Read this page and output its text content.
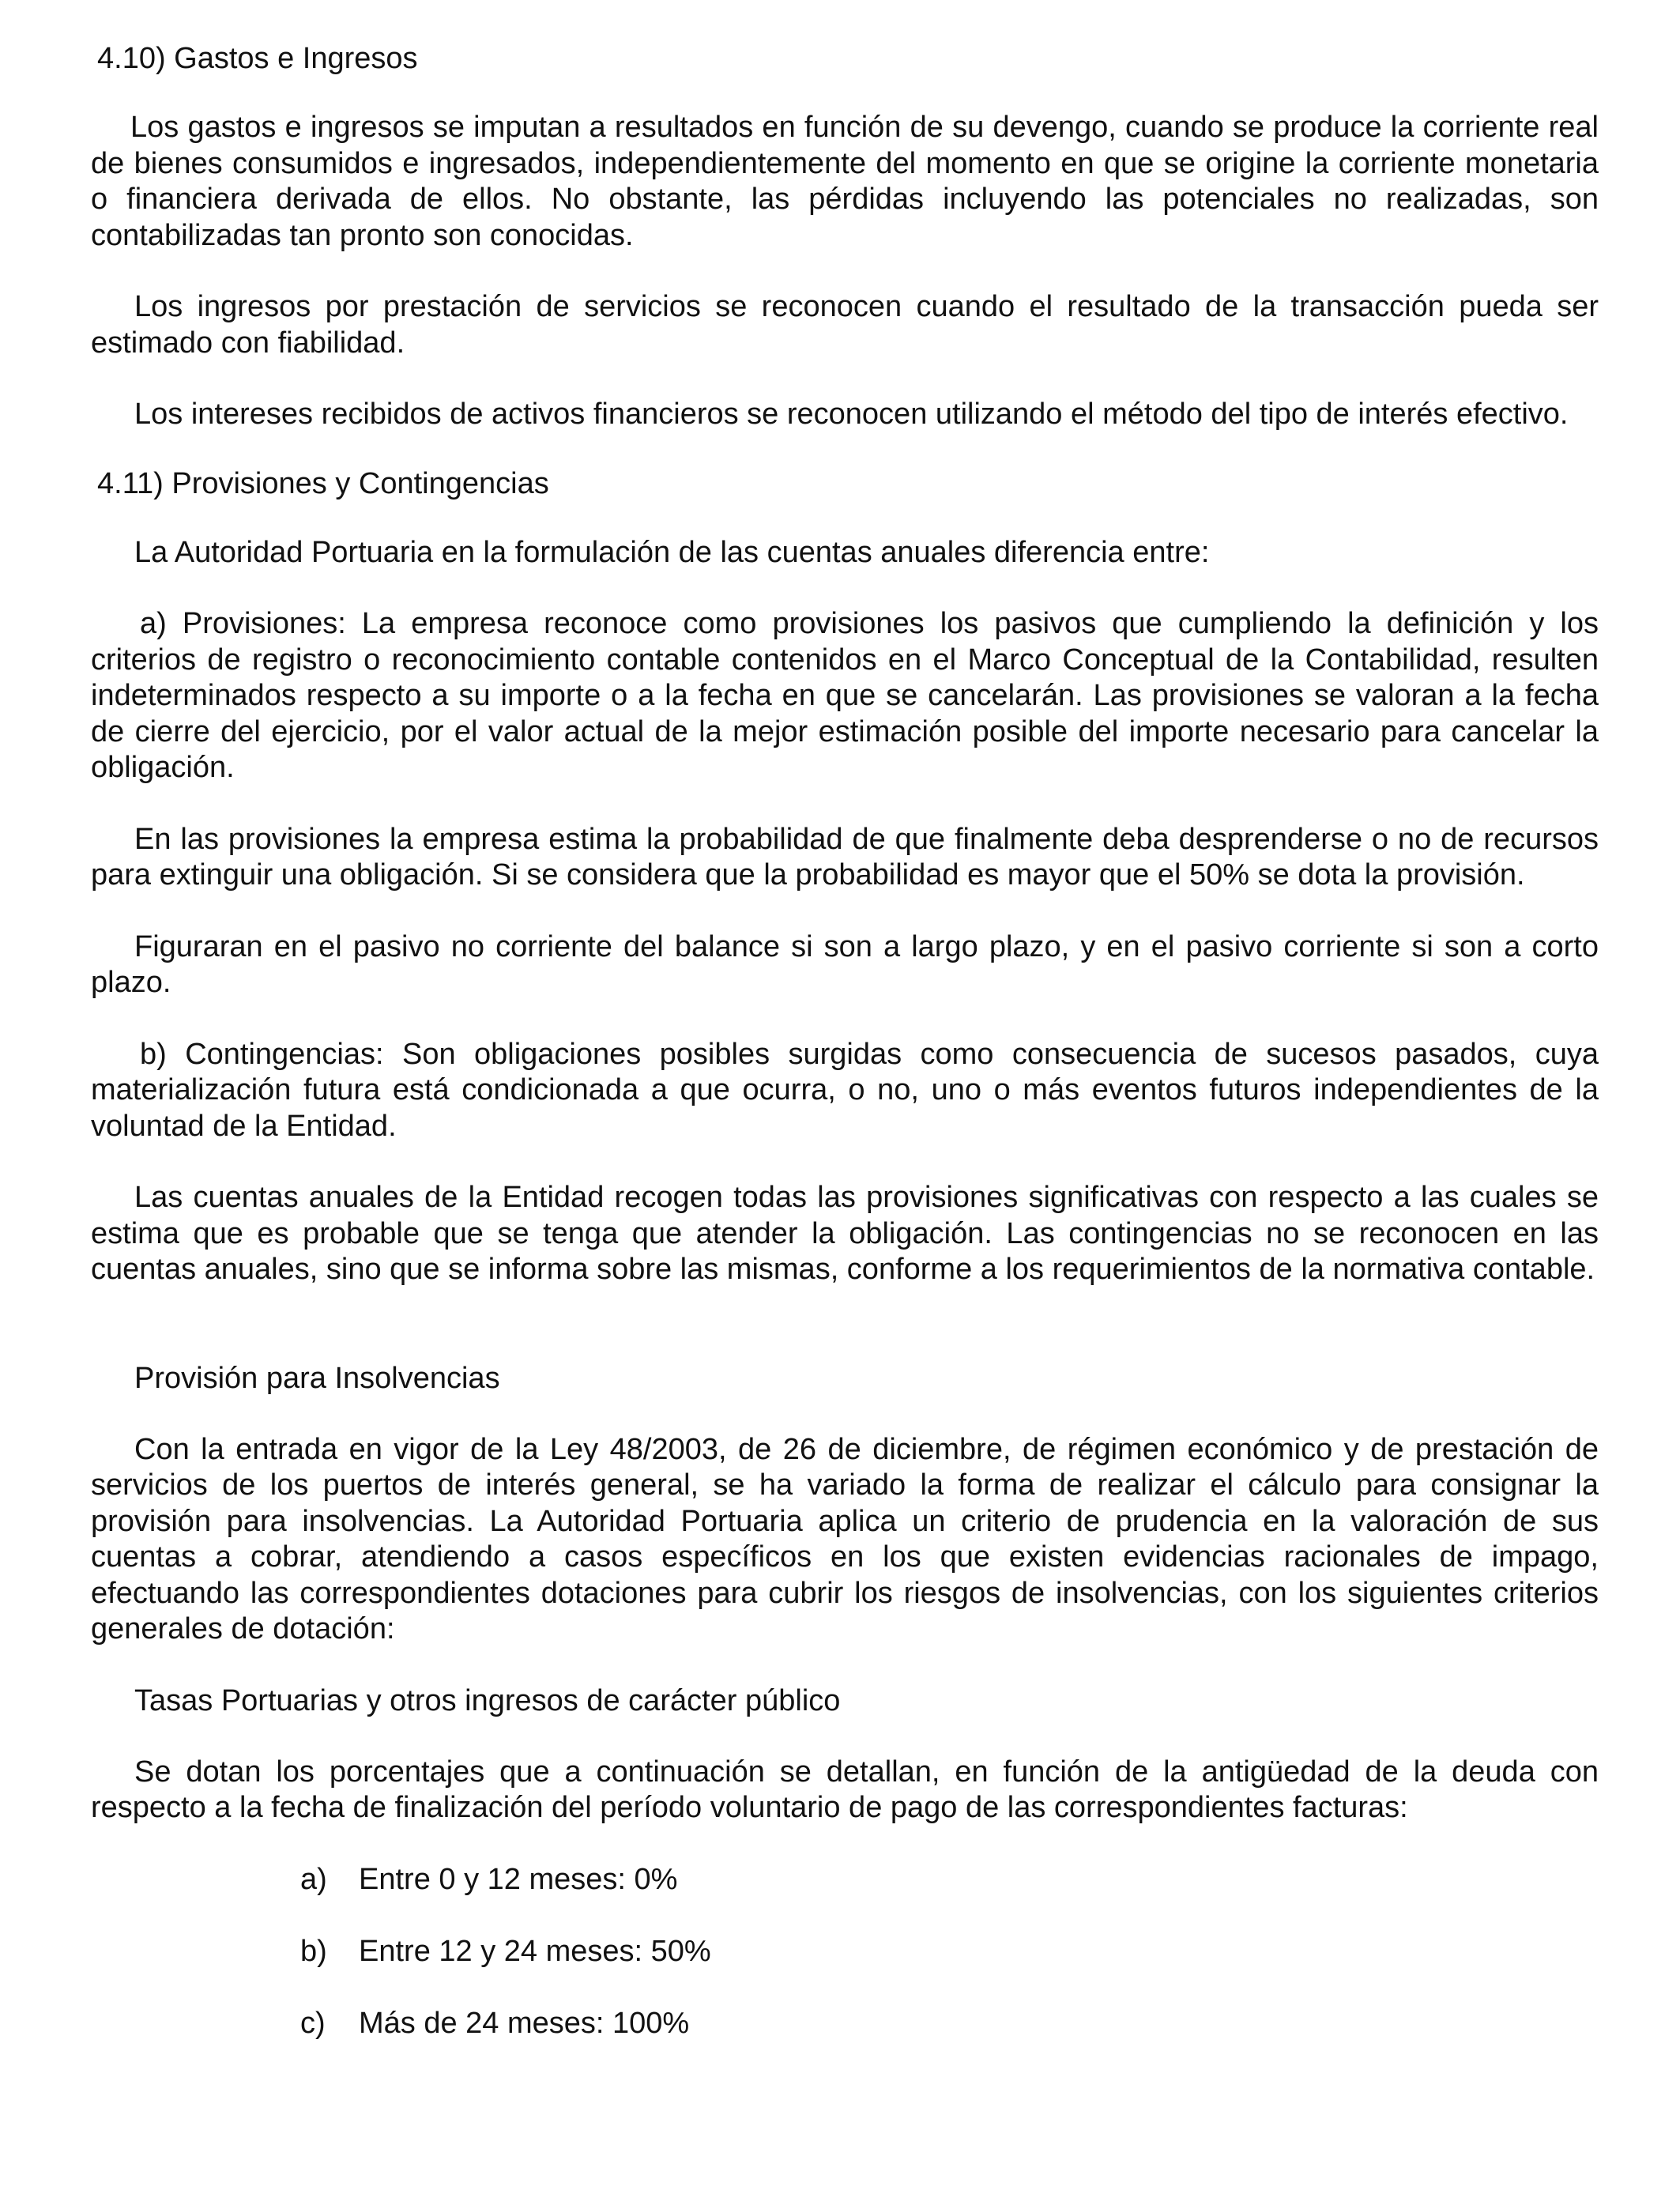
4.10) Gastos e Ingresos

Los gastos e ingresos se imputan a resultados en función de su devengo, cuando se produce la corriente real de bienes consumidos e ingresados, independientemente del momento en que se origine la corriente monetaria o financiera derivada de ellos. No obstante, las pérdidas incluyendo las potenciales no realizadas, son contabilizadas tan pronto son conocidas.

Los ingresos por prestación de servicios se reconocen cuando el resultado de la transacción pueda ser estimado con fiabilidad.

Los intereses recibidos de activos financieros se reconocen utilizando el método del tipo de interés efectivo.

4.11) Provisiones y Contingencias

La Autoridad Portuaria en la formulación de las cuentas anuales diferencia entre:

a) Provisiones: La empresa reconoce como provisiones los pasivos que cumpliendo la definición y los criterios de registro o reconocimiento contable contenidos en el Marco Conceptual de la Contabilidad, resulten indeterminados respecto a su importe o a la fecha en que se cancelarán. Las provisiones se valoran a la fecha de cierre del ejercicio, por el valor actual de la mejor estimación posible del importe necesario para cancelar la obligación.

En las provisiones la empresa estima la probabilidad de que finalmente deba desprenderse o no de recursos para extinguir una obligación. Si se considera que la probabilidad es mayor que el 50% se dota la provisión.

Figuraran en el pasivo no corriente del balance si son a largo plazo, y en el pasivo corriente si son a corto plazo.

b) Contingencias: Son obligaciones posibles surgidas como consecuencia de sucesos pasados, cuya materialización futura está condicionada a que ocurra, o no, uno o más eventos futuros independientes de la voluntad de la Entidad.

Las cuentas anuales de la Entidad recogen todas las provisiones significativas con respecto a las cuales se estima que es probable que se tenga que atender la obligación. Las contingencias no se reconocen en las cuentas anuales, sino que se informa sobre las mismas, conforme a los requerimientos de la normativa contable.

Provisión para Insolvencias

Con la entrada en vigor de la Ley 48/2003, de 26 de diciembre, de régimen económico y de prestación de servicios de los puertos de interés general, se ha variado la forma de realizar el cálculo para consignar la provisión para insolvencias. La Autoridad Portuaria aplica un criterio de prudencia en la valoración de sus cuentas a cobrar, atendiendo a casos específicos en los que existen evidencias racionales de impago, efectuando las correspondientes dotaciones para cubrir los riesgos de insolvencias, con los siguientes criterios generales de dotación:

Tasas Portuarias y otros ingresos de carácter público

Se dotan los porcentajes que a continuación se detallan, en función de la antigüedad de la deuda con respecto a la fecha de finalización del período voluntario de pago de las correspondientes facturas:

a)	Entre 0 y 12 meses: 0%
b)	Entre 12 y 24 meses: 50%
c)	Más de 24 meses: 100%
